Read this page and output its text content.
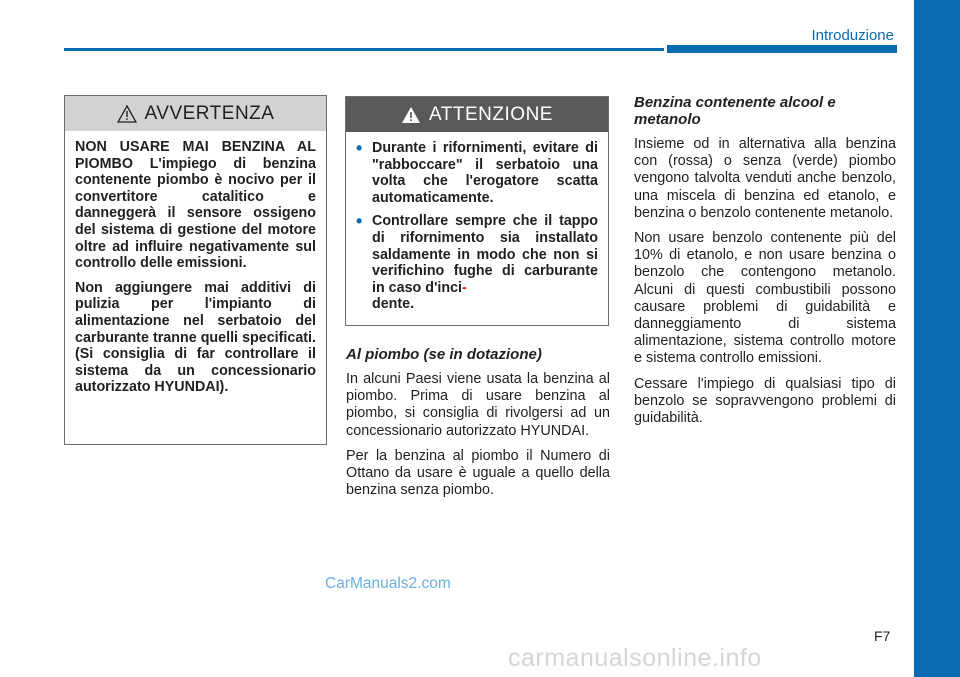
Introduzione
AVVERTENZA

NON USARE MAI BENZINA AL PIOMBO L'impiego di benzina contenente piombo è nocivo per il convertitore catalitico e danneggerà il sensore ossigeno del sistema di gestione del motore oltre ad influire negativamente sul controllo delle emissioni.

Non aggiungere mai additivi di pulizia per l'impianto di alimentazione nel serbatoio del carburante tranne quelli specificati. (Si consiglia di far controllare il sistema da un concessionario autorizzato HYUNDAI).

ATTENZIONE
• Durante i rifornimenti, evitare di "rabboccare" il serbatoio una volta che l'erogatore scatta automaticamente.
• Controllare sempre che il tappo di rifornimento sia installato saldamente in modo che non si verifichino fughe di carburante in caso d'inci-
dente.
Al piombo (se in dotazione)

In alcuni Paesi viene usata la benzina al piombo. Prima di usare benzina al piombo, si consiglia di rivolgersi ad un concessionario autorizzato HYUNDAI.

Per la benzina al piombo il Numero di Ottano da usare è uguale a quello della benzina senza piombo.

Benzina contenente alcool e metanolo

Insieme od in alternativa alla benzina con (rossa) o senza (verde) piombo vengono talvolta venduti anche benzolo, una miscela di benzina ed etanolo, e benzina o benzolo contenente metanolo.

Non usare benzolo contenente più del 10% di etanolo, e non usare benzina o benzolo che contengono metanolo. Alcuni di questi combustibili possono causare problemi di guidabilità e danneggiamento di sistema alimentazione, sistema controllo motore e sistema controllo emissioni.

Cessare l'impiego di qualsiasi tipo di benzolo se sopravvengono problemi di guidabilità.

CarManuals2.com
F7
carmanualsonline.info
